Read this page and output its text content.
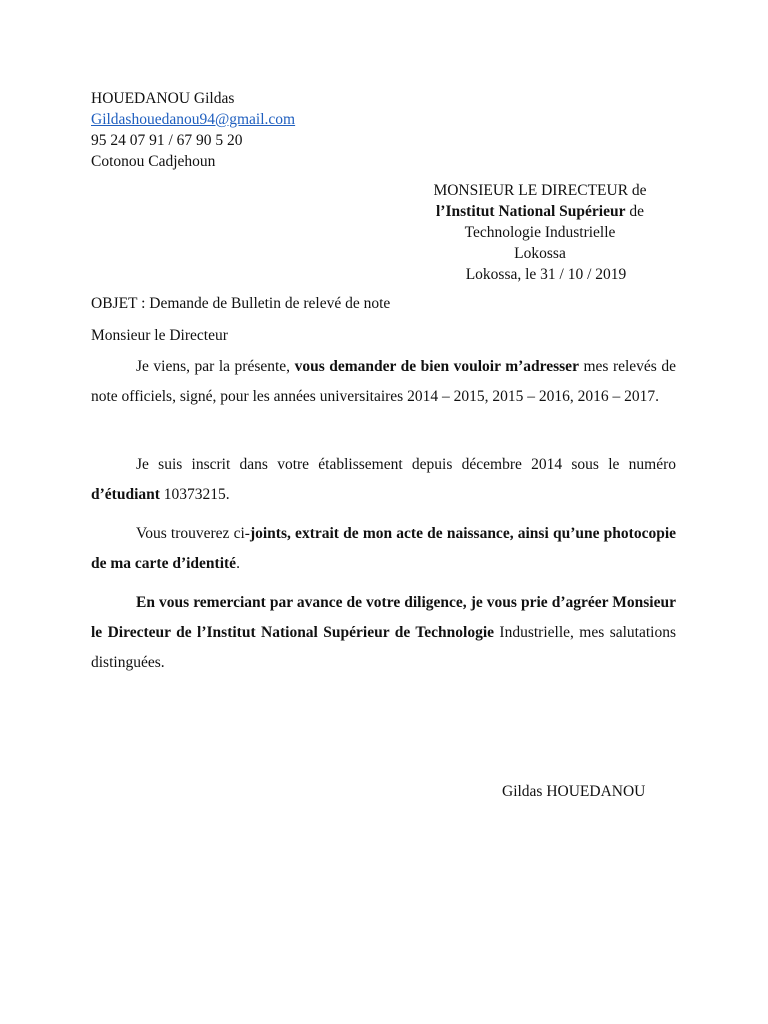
HOUEDANOU Gildas
Gildashouedanou94@gmail.com
95 24 07 91 / 67 90 5 20
Cotonou Cadjehoun
MONSIEUR LE DIRECTEUR de
l’Institut National Supérieur de
Technologie Industrielle
Lokossa
Lokossa, le 31 / 10 / 2019
OBJET : Demande de Bulletin de relevé de note
Monsieur le Directeur
Je viens, par la présente, vous demander de bien vouloir m’adresser mes relevés de note officiels, signé, pour les années universitaires 2014 – 2015, 2015 – 2016, 2016 – 2017.
Je suis inscrit dans votre établissement depuis décembre 2014 sous le numéro d’étudiant 10373215.
Vous trouverez ci-joints, extrait de mon acte de naissance, ainsi qu’une photocopie de ma carte d’identité.
En vous remerciant par avance de votre diligence, je vous prie d’agréer Monsieur le Directeur de l’Institut National Supérieur de Technologie Industrielle, mes salutations distinguées.
Gildas HOUEDANOU
